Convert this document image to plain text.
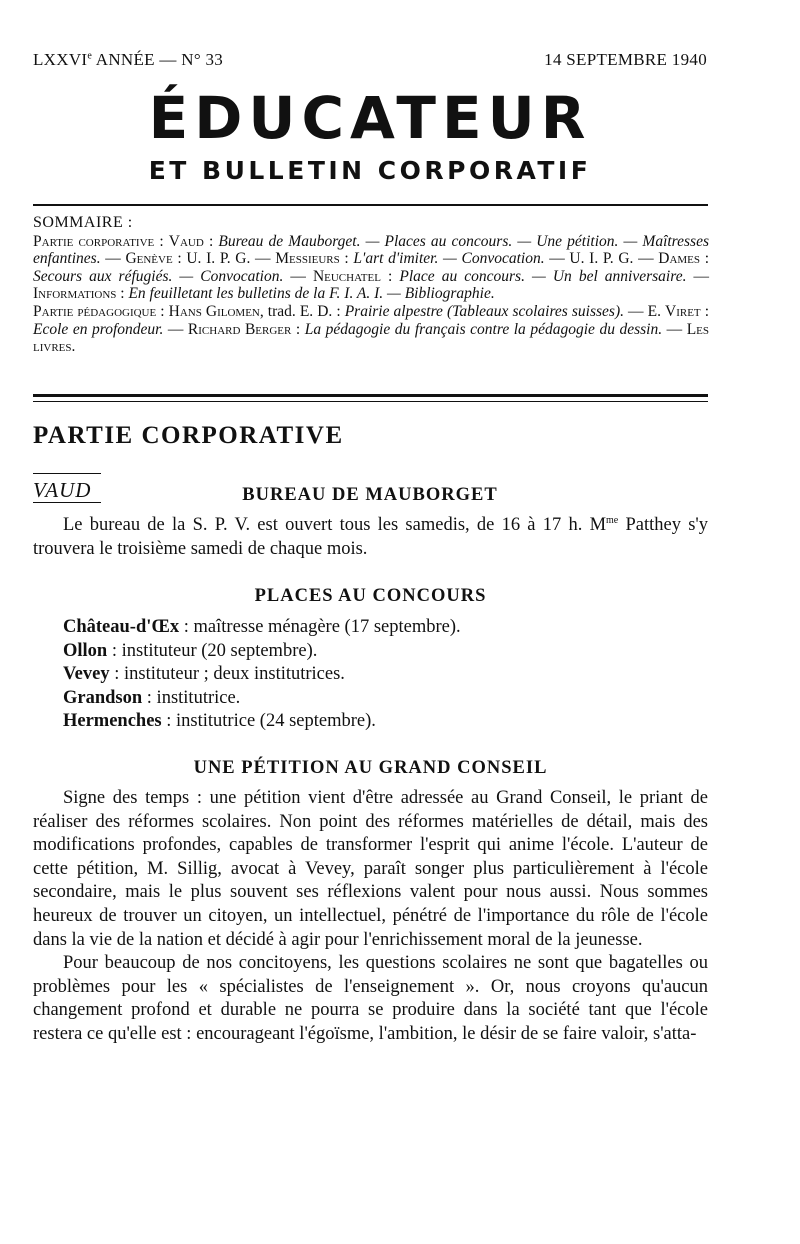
LXXVIe ANNÉE — N° 33	14 SEPTEMBRE 1940
ÉDUCATEUR
ET BULLETIN CORPORATIF
SOMMAIRE :

Partie corporative : Vaud : Bureau de Mauborget. — Places au concours. — Une pétition. — Maîtresses enfantines. — Genève : U. I. P. G. — Messieurs : L'art d'imiter. — Convocation. — U. I. P. G. — Dames : Secours aux réfugiés. — Convocation. — Neuchatel : Place au concours. — Un bel anniversaire. — Informations : En feuilletant les bulletins de la F. I. A. I. — Bibliographie.

Partie pédagogique : Hans Gilomen, trad. E. D. : Prairie alpestre (Tableaux scolaires suisses). — E. Viret : Ecole en profondeur. — Richard Berger : La pédagogie du français contre la pédagogie du dessin. — Les livres.

PARTIE CORPORATIVE
VAUD	BUREAU DE MAUBORGET
Le bureau de la S. P. V. est ouvert tous les samedis, de 16 à 17 h. $M^{me}$ Patthey s'y trouvera le troisième samedi de chaque mois.
PLACES AU CONCOURS
Château-d'Œx : maîtresse ménagère (17 septembre).
Ollon : instituteur (20 septembre).
Vevey : instituteur ; deux institutrices.
Grandson : institutrice.
Hermenches : institutrice (24 septembre).
UNE PÉTITION AU GRAND CONSEIL

Signe des temps : une pétition vient d'être adressée au Grand Conseil, le priant de réaliser des réformes scolaires. Non point des réformes matérielles de détail, mais des modifications profondes, capables de transformer l'esprit qui anime l'école. L'auteur de cette pétition, M. Sillig, avocat à Vevey, paraît songer plus particulièrement à l'école secondaire, mais le plus souvent ses réflexions valent pour nous aussi. Nous sommes heureux de trouver un citoyen, un intellectuel, pénétré de l'importance du rôle de l'école dans la vie de la nation et décidé à agir pour l'enrichissement moral de la jeunesse.

Pour beaucoup de nos concitoyens, les questions scolaires ne sont que bagatelles ou problèmes pour les « spécialistes de l'enseignement ». Or, nous croyons qu'aucun changement profond et durable ne pourra se produire dans la société tant que l'école restera ce qu'elle est : encourageant l'égoïsme, l'ambition, le désir de se faire valoir, s'atta-
